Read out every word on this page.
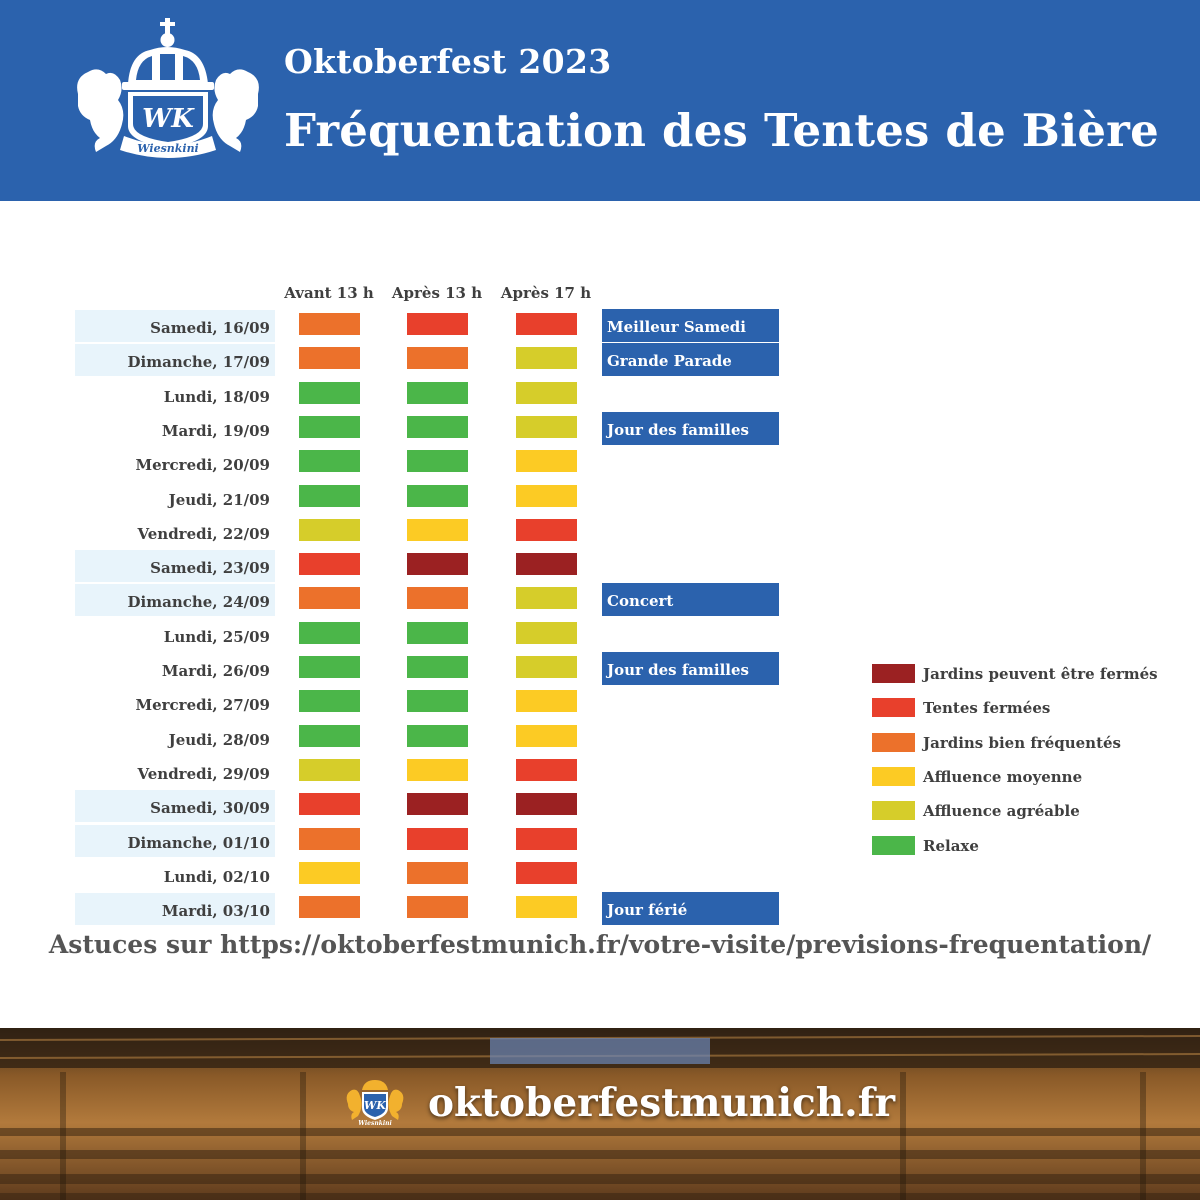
WK
Wiesnkini
Oktoberfest 2023
Fréquentation des Tentes de Bière
Avant 13 h	Après 13 h	Après 17 h
Samedi, 16/09	Meilleur Samedi
Dimanche, 17/09	Grande Parade
Lundi, 18/09
Mardi, 19/09	Jour des familles
Mercredi, 20/09
Jeudi, 21/09
Vendredi, 22/09
Samedi, 23/09
Dimanche, 24/09	Concert
Lundi, 25/09
Mardi, 26/09	Jour des familles
Mercredi, 27/09
Jeudi, 28/09
Vendredi, 29/09
Samedi, 30/09
Dimanche, 01/10
Lundi, 02/10
Mardi, 03/10	Jour férié
Jardins peuvent être fermés
Tentes fermées
Jardins bien fréquentés
Affluence moyenne
Affluence agréable
Relaxe
Astuces sur https://oktoberfestmunich.fr/votre-visite/previsions-frequentation/
WK
Wiesnkini oktoberfestmunich.fr
